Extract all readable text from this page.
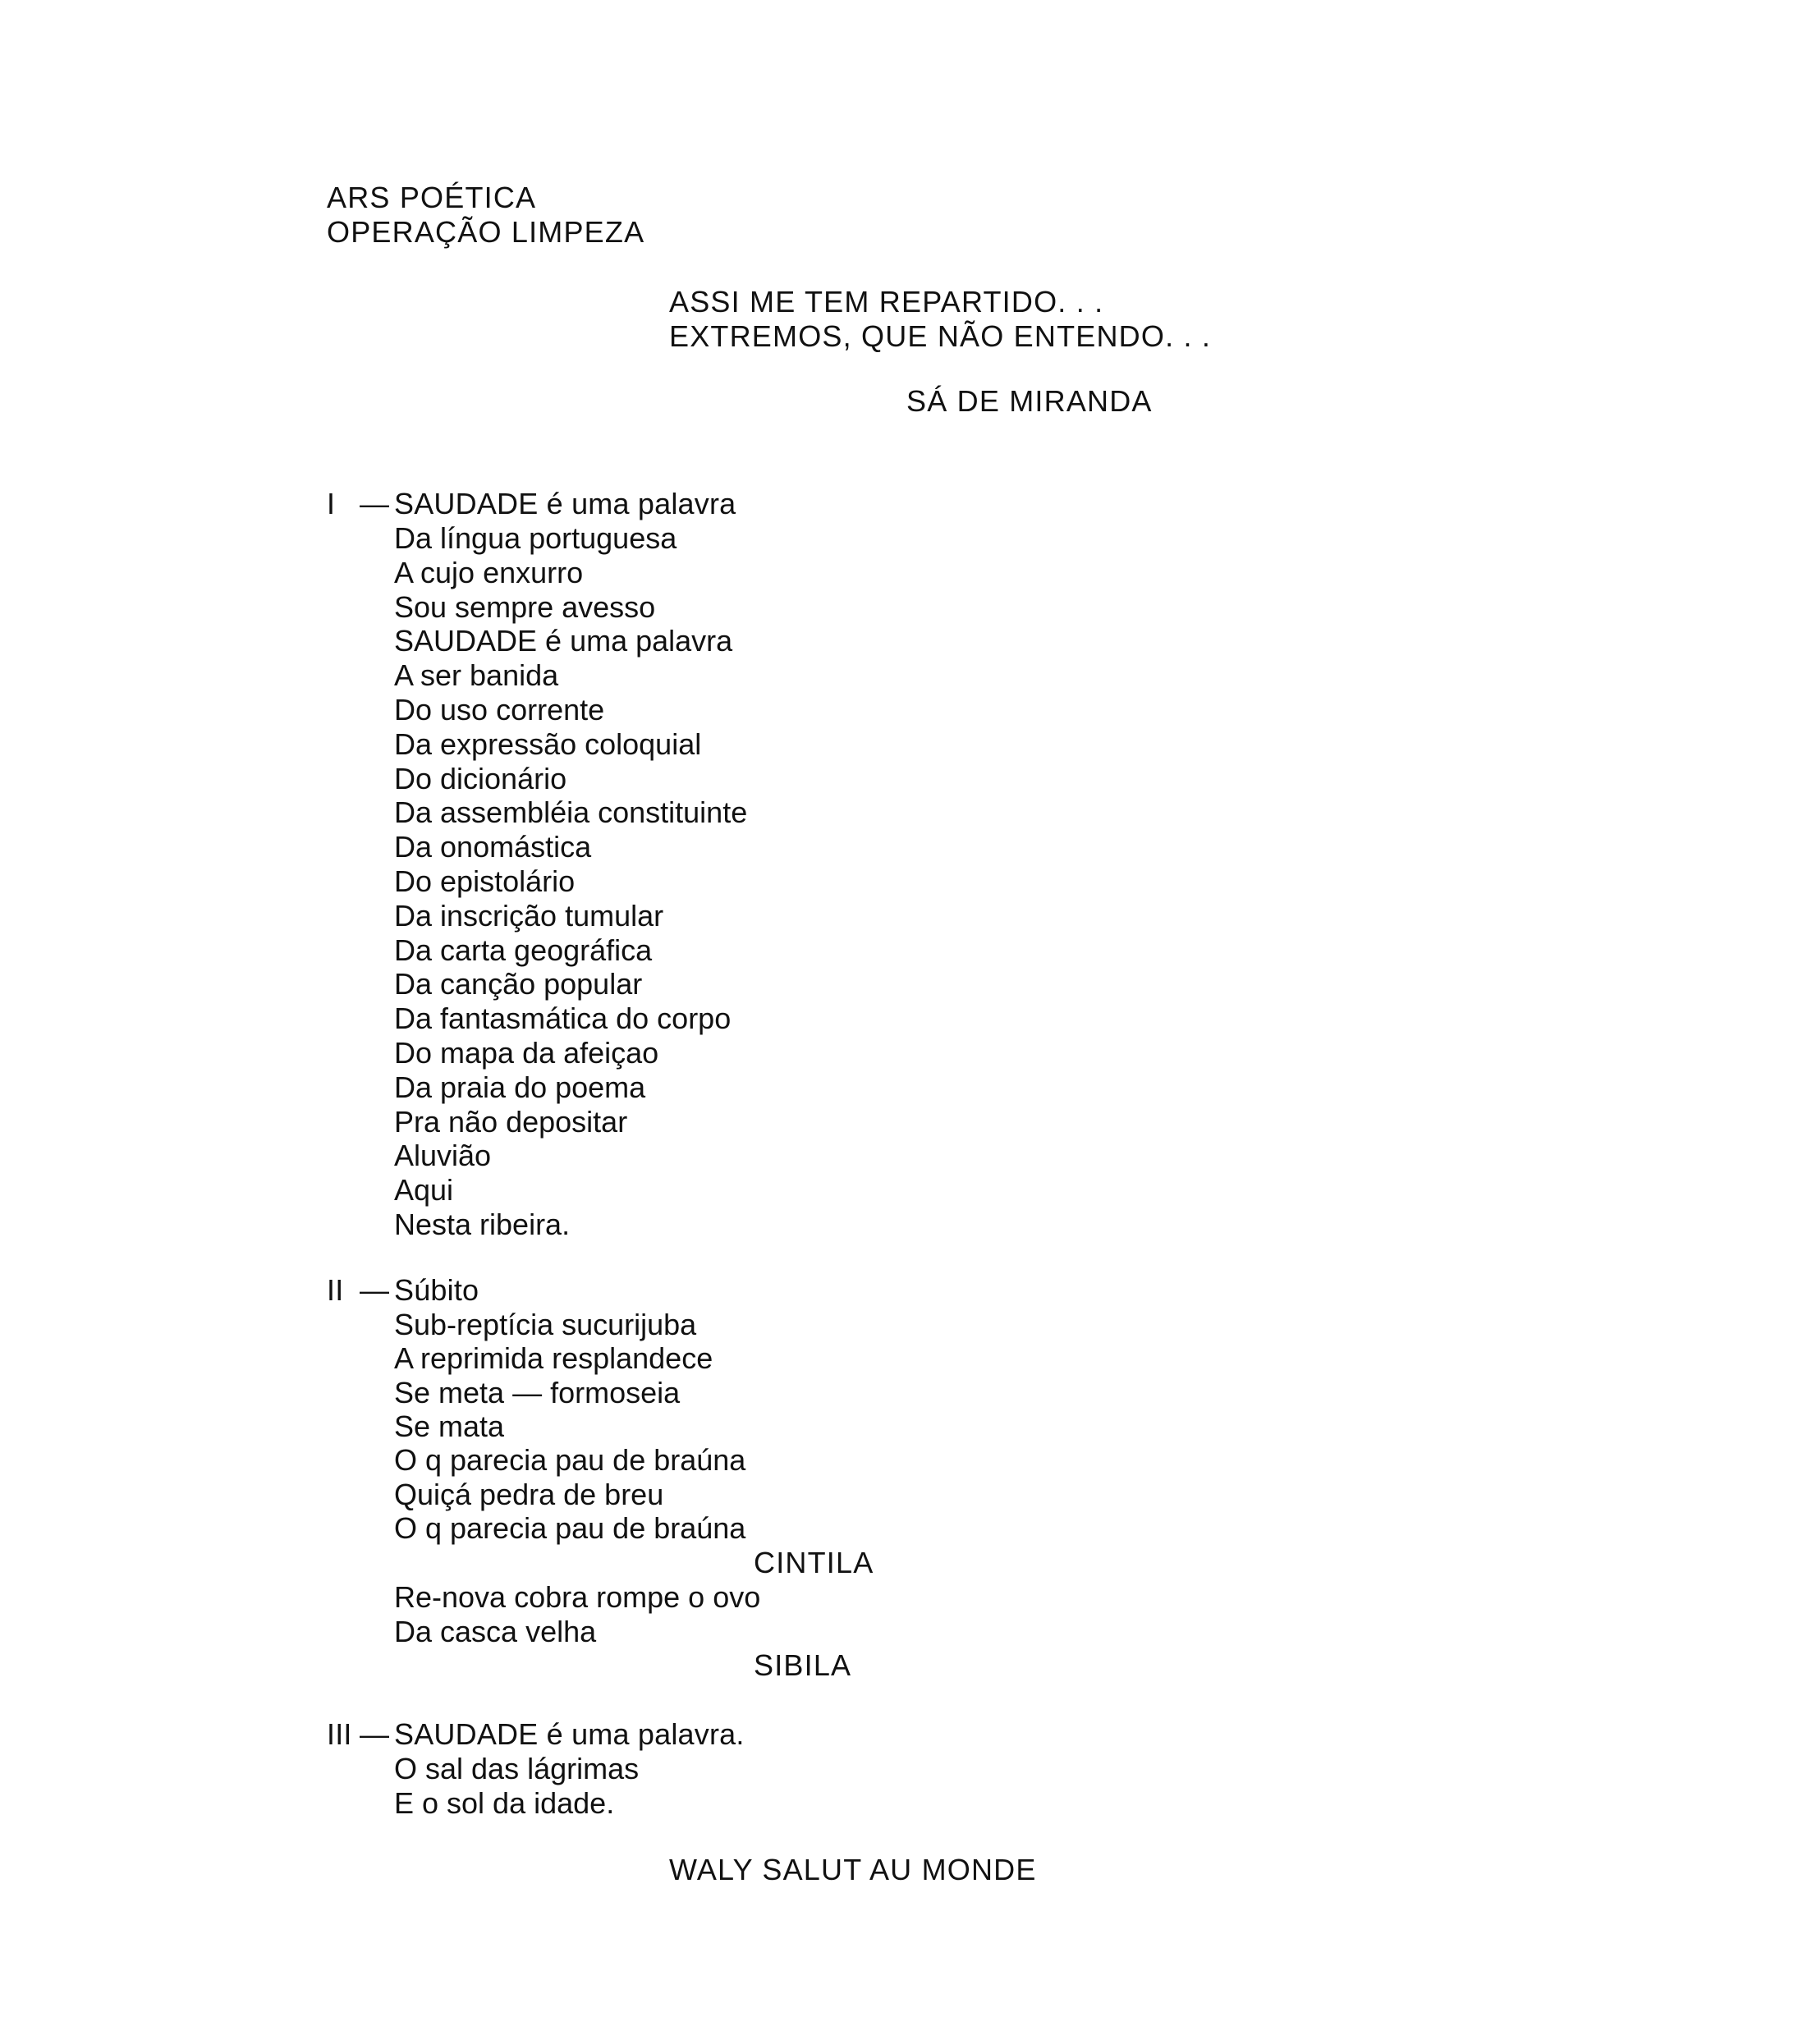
ARS POÉTICA
OPERAÇÃO LIMPEZA
ASSI ME TEM REPARTIDO. . .
EXTREMOS, QUE NÃO ENTENDO. . .
SÁ DE MIRANDA
I — SAUDADE é uma palavra
Da língua portuguesa
A cujo enxurro
Sou sempre avesso
SAUDADE é uma palavra
A ser banida
Do uso corrente
Da expressão coloquial
Do dicionário
Da assembléia constituinte
Da onomástica
Do epistolário
Da inscrição tumular
Da carta geográfica
Da canção popular
Da fantasmática do corpo
Do mapa da afeiçao
Da praia do poema
Pra não depositar
Aluvião
Aqui
Nesta ribeira.
II — Súbito
Sub-reptícia sucurijuba
A reprimida resplandece
Se meta — formoseia
Se mata
O q parecia pau de braúna
Quiçá pedra de breu
O q parecia pau de braúna
CINTILA
Re-nova cobra rompe o ovo
Da casca velha
SIBILA
III — SAUDADE é uma palavra.
O sal das lágrimas
E o sol da idade.
WALY SALUT AU MONDE
